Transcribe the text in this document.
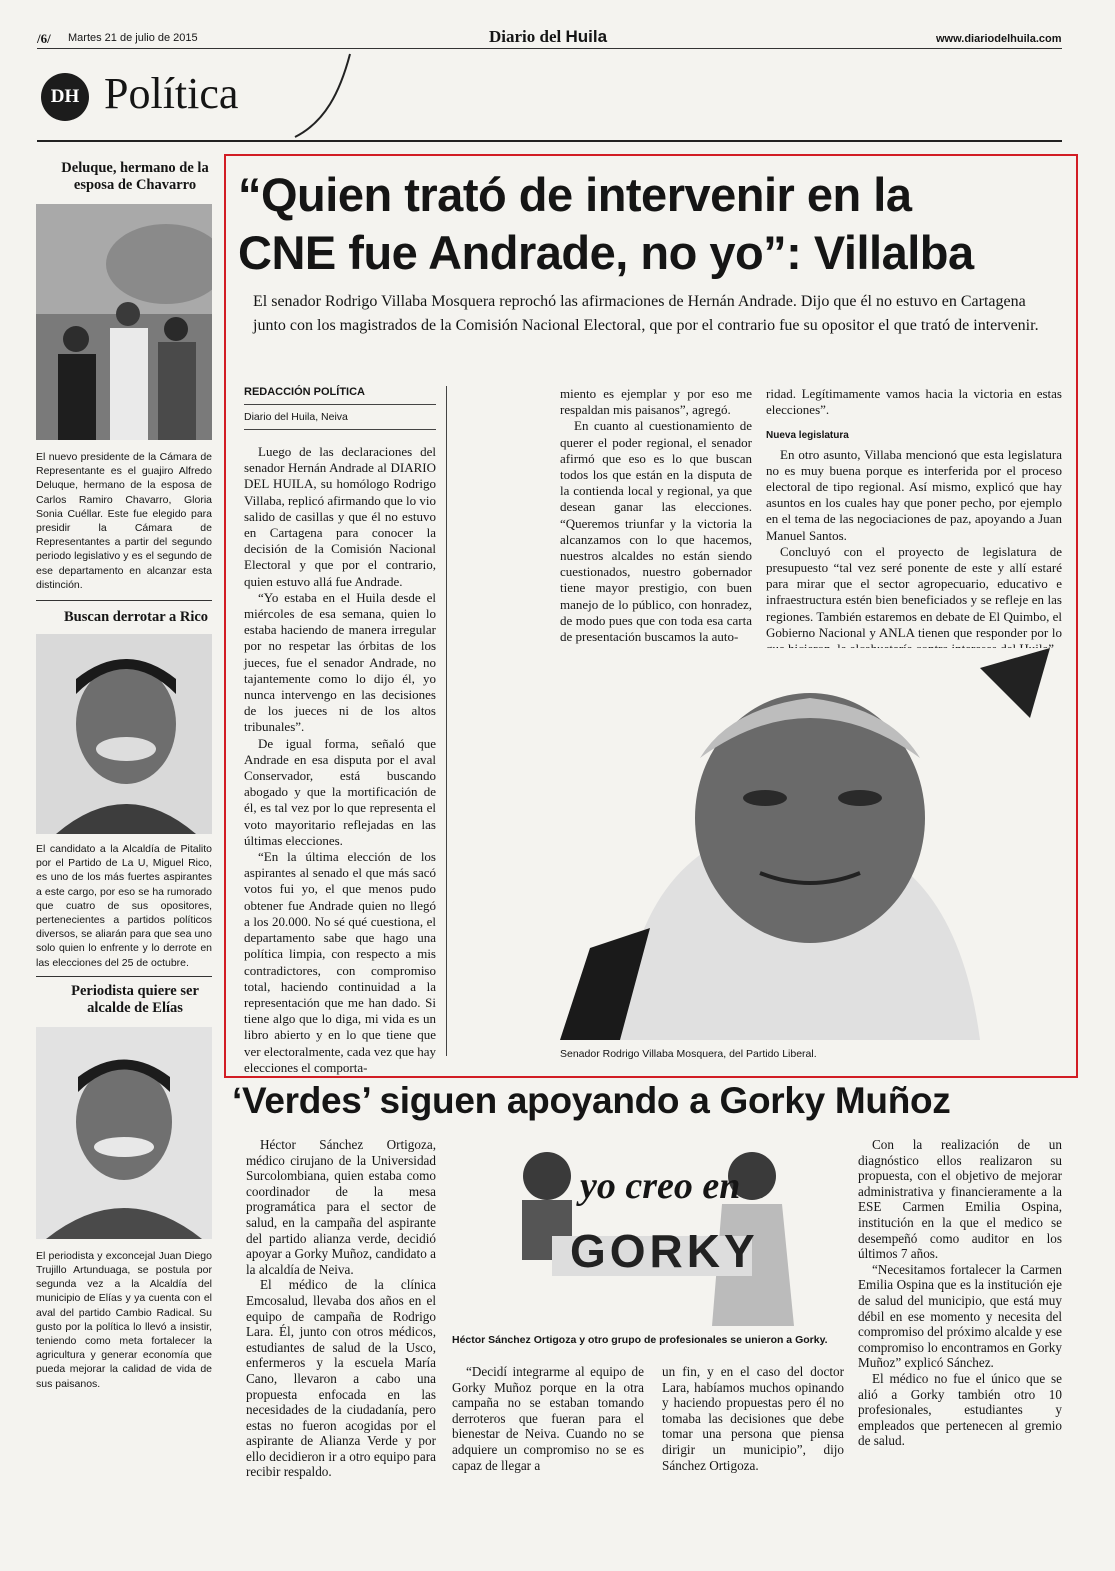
/6/ Martes 21 de julio de 2015	Diario del Huila	www.diariodelhuila.com
DH Política
Deluque, hermano de la esposa de Chavarro
El nuevo presidente de la Cámara de Representante es el guajiro Alfredo Deluque, hermano de la esposa de Carlos Ramiro Chavarro, Gloria Sonia Cuéllar. Este fue elegido para presidir la Cámara de Representantes a partir del segundo periodo legislativo y es el segundo de ese departamento en alcanzar esta distinción.
Buscan derrotar a Rico
El candidato a la Alcaldía de Pitalito por el Partido de La U, Miguel Rico, es uno de los más fuertes aspirantes a este cargo, por eso se ha rumorado que cuatro de sus opositores, pertenecientes a partidos políticos diversos, se aliarán para que sea uno solo quien lo enfrente y lo derrote en las elecciones del 25 de octubre.
Periodista quiere ser alcalde de Elías
El periodista y exconcejal Juan Diego Trujillo Artunduaga, se postula por segunda vez a la Alcaldía del municipio de Elías y ya cuenta con el aval del partido Cambio Radical. Su gusto por la política lo llevó a insistir, teniendo como meta fortalecer la agricultura y generar economía que pueda mejorar la calidad de vida de sus paisanos.
“Quien trató de intervenir en la
CNE fue Andrade, no yo”: Villalba
El senador Rodrigo Villaba Mosquera reprochó las afirmaciones de Hernán Andrade. Dijo que él no estuvo en Cartagena junto con los magistrados de la Comisión Nacional Electoral, que por el contrario fue su opositor el que trató de intervenir.
REDACCIÓN POLÍTICA
Diario del Huila, Neiva

Luego de las declaraciones del senador Hernán Andrade al DIARIO DEL HUILA, su homólogo Rodrigo Villaba, replicó afirmando que lo vio salido de casillas y que él no estuvo en Cartagena para conocer la decisión de la Comisión Nacional Electoral y que por el contrario, quien estuvo allá fue Andrade.

“Yo estaba en el Huila desde el miércoles de esa semana, quien lo estaba haciendo de manera irregular por no respetar las órbitas de los jueces, fue el senador Andrade, no tajantemente como lo dijo él, yo nunca intervengo en las decisiones de los jueces ni de los altos tribunales”.

De igual forma, señaló que Andrade en esa disputa por el aval Conservador, está buscando abogado y que la mortificación de él, es tal vez por lo que representa el voto mayoritario reflejadas en las últimas elecciones.

“En la última elección de los aspirantes al senado el que más sacó votos fui yo, el que menos pudo obtener fue Andrade quien no llegó a los 20.000. No sé qué cuestiona, el departamento sabe que hago una política limpia, con respecto a mis contradictores, con compromiso total, haciendo continuidad a la representación que me han dado. Si tiene algo que lo diga, mi vida es un libro abierto y en lo que tiene que ver electoralmente, cada vez que hay elecciones el comporta-

miento es ejemplar y por eso me respaldan mis paisanos”, agregó.

En cuanto al cuestionamiento de querer el poder regional, el senador afirmó que eso es lo que buscan todos los que están en la disputa de la contienda local y regional, ya que desean ganar las elecciones. “Queremos triunfar y la victoria la alcanzamos con lo que hacemos, nuestros alcaldes no están siendo cuestionados, nuestro gobernador tiene mayor prestigio, con buen manejo de lo público, con honradez, de modo pues que con toda esa carta de presentación buscamos la auto-

ridad. Legítimamente vamos hacia la victoria en estas elecciones”.

Nueva legislatura

En otro asunto, Villaba mencionó que esta legislatura no es muy buena porque es interferida por el proceso electoral de tipo regional. Así mismo, explicó que hay asuntos en los cuales hay que poner pecho, por ejemplo en el tema de las negociaciones de paz, apoyando a Juan Manuel Santos.

Concluyó con el proyecto de legislatura de presupuesto “tal vez seré ponente de este y allí estaré para mirar que el sector agropecuario, educativo e infraestructura estén bien beneficiados y se refleje en las regiones. También estaremos en debate de El Quimbo, el Gobierno Nacional y ANLA tienen que responder por lo

Senador Rodrigo Villaba Mosquera, del Partido Liberal.
‘Verdes’ siguen apoyando a Gorky Muñoz

Héctor Sánchez Ortigoza, médico cirujano de la Universidad Surcolombiana, quien estaba como coordinador de la mesa programática para el sector de salud, en la campaña del aspirante del partido alianza verde, decidió apoyar a Gorky Muñoz, candidato a la alcaldía de Neiva.

El médico de la clínica Emcosalud, llevaba dos años en el equipo de campaña de Rodrigo Lara. Él, junto con otros médicos, estudiantes de salud de la Usco, enfermeros y la escuela María Cano, llevaron a cabo una propuesta enfocada en las necesidades de la ciudadanía, pero estas no fueron acogidas por el aspirante de Alianza Verde y por ello decidieron ir a otro equipo para recibir respaldo.

yo creo en
GORKY
Héctor Sánchez Ortigoza y otro grupo de profesionales se unieron a Gorky.

“Decidí integrarme al equipo de Gorky Muñoz porque en la otra campaña no se estaban tomando derroteros que fueran para el bienestar de Neiva. Cuando no se adquiere un compromiso no se es capaz de llegar a

un fin, y en el caso del doctor Lara, habíamos muchos opinando y haciendo propuestas pero él no tomaba las decisiones que debe tomar una persona que piensa dirigir un municipio”, dijo Sánchez Ortigoza.

Con la realización de un diagnóstico ellos realizaron su propuesta, con el objetivo de mejorar administrativa y financieramente a la ESE Carmen Emilia Ospina, institución en la que el medico se desempeñó como auditor en los últimos 7 años.

“Necesitamos fortalecer la Carmen Emilia Ospina que es la institución eje de salud del municipio, que está muy débil en ese momento y necesita del compromiso del próximo alcalde y ese compromiso lo encontramos en Gorky Muñoz” explicó Sánchez.

El médico no fue el único que se alió a Gorky también otro 10 profesionales, estudiantes y empleados que pertenecen al gremio de salud.
